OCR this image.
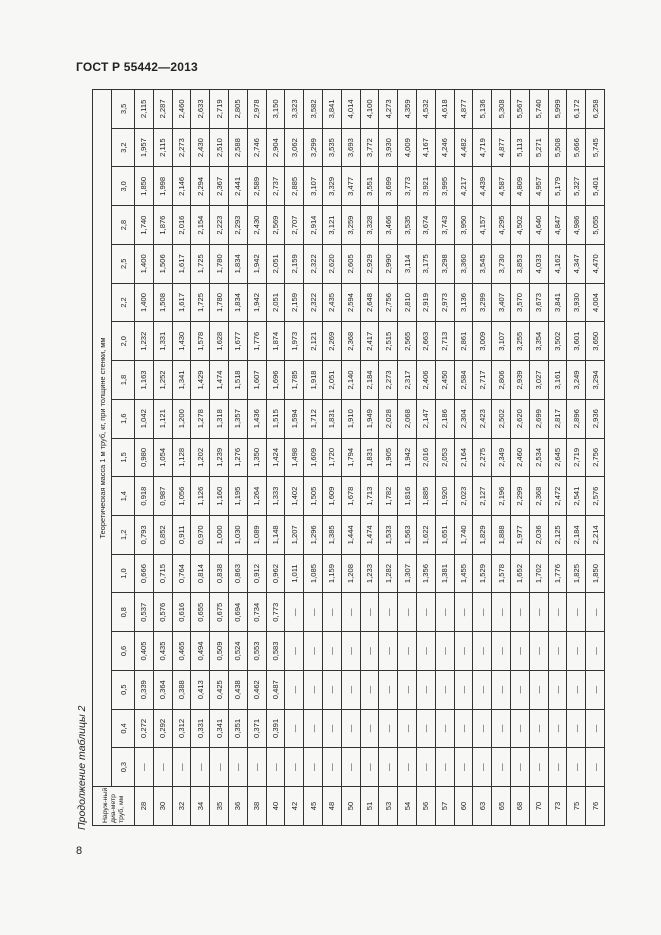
ГОСТ Р 55442—2013
Продолжение таблицы 2 Наруж-ный диа-метр труб, мм	Теоретическая масса 1 м труб, кг, при толщине стенки, мм																	
	0,3	0,4	0,5	0,6	0,8	1,0	1,2	1,4	1,5	1,6	1,8	2,0	2,2	2,5	2,8	3,0	3,2	3,5
28	—	0,272	0,339	0,405	0,537	0,666	0,793	0,918	0,980	1,042	1,163	1,232	1,400	1,400	1,740	1,850	1,957	2,115
30	—	0,292	0,364	0,435	0,576	0,715	0,852	0,987	1,054	1,121	1,252	1,331	1,508	1,506	1,876	1,998	2,115	2,287
32	—	0,312	0,388	0,465	0,616	0,764	0,911	1,056	1,128	1,200	1,341	1,430	1,617	1,617	2,016	2,146	2,273	2,460
34	—	0,331	0,413	0,494	0,655	0,814	0,970	1,126	1,202	1,278	1,429	1,578	1,725	1,725	2,154	2,294	2,430	2,633
35	—	0,341	0,425	0,509	0,675	0,838	1,000	1,160	1,239	1,318	1,474	1,628	1,780	1,780	2,223	2,367	2,510	2,719
36	—	0,351	0,438	0,524	0,694	0,863	1,030	1,195	1,276	1,357	1,518	1,677	1,834	1,834	2,293	2,441	2,588	2,805
38	—	0,371	0,462	0,553	0,734	0,912	1,089	1,264	1,350	1,436	1,607	1,776	1,942	1,942	2,430	2,589	2,746	2,978
40	—	0,391	0,487	0,583	0,773	0,962	1,148	1,333	1,424	1,515	1,696	1,874	2,051	2,051	2,569	2,737	2,904	3,150
42	—	—	—	—	—	1,011	1,207	1,402	1,498	1,594	1,785	1,973	2,159	2,159	2,707	2,885	3,062	3,323
45	—	—	—	—	—	1,085	1,296	1,505	1,609	1,712	1,918	2,121	2,322	2,322	2,914	3,107	3,299	3,582
48	—	—	—	—	—	1,159	1,385	1,609	1,720	1,831	2,051	2,269	2,435	2,620	3,121	3,329	3,535	3,841
50	—	—	—	—	—	1,208	1,444	1,678	1,794	1,910	2,140	2,368	2,594	2,605	3,259	3,477	3,693	4,014
51	—	—	—	—	—	1,233	1,474	1,713	1,831	1,949	2,184	2,417	2,648	2,929	3,328	3,551	3,772	4,100
53	—	—	—	—	—	1,282	1,533	1,782	1,905	2,028	2,273	2,515	2,756	2,990	3,466	3,699	3,930	4,273
54	—	—	—	—	—	1,307	1,563	1,816	1,942	2,068	2,317	2,565	2,810	3,114	3,535	3,773	4,009	4,359
56	—	—	—	—	—	1,356	1,622	1,885	2,016	2,147	2,406	2,663	2,919	3,175	3,674	3,921	4,167	4,532
57	—	—	—	—	—	1,381	1,651	1,920	2,053	2,186	2,450	2,713	2,973	3,298	3,743	3,995	4,246	4,618
60	—	—	—	—	—	1,455	1,740	2,023	2,164	2,304	2,584	2,861	3,136	3,360	3,950	4,217	4,482	4,877
63	—	—	—	—	—	1,529	1,829	2,127	2,275	2,423	2,717	3,009	3,299	3,545	4,157	4,439	4,719	5,136
65	—	—	—	—	—	1,578	1,888	2,196	2,349	2,502	2,806	3,107	3,407	3,730	4,295	4,587	4,877	5,308
68	—	—	—	—	—	1,652	1,977	2,299	2,460	2,620	2,939	3,255	3,570	3,853	4,502	4,809	5,113	5,567
70	—	—	—	—	—	1,702	2,036	2,368	2,534	2,699	3,027	3,354	3,673	4,033	4,640	4,957	5,271	5,740
73	—	—	—	—	—	1,776	2,125	2,472	2,645	2,817	3,161	3,502	3,841	4,162	4,847	5,179	5,508	5,999
75	—	—	—	—	—	1,825	2,184	2,541	2,719	2,896	3,249	3,601	3,930	4,347	4,986	5,327	5,666	6,172
76	—	—	—	—	—	1,850	2,214	2,576	2,756	2,936	3,294	3,650	4,004	4,470	5,055	5,401	5,745	6,258
8
